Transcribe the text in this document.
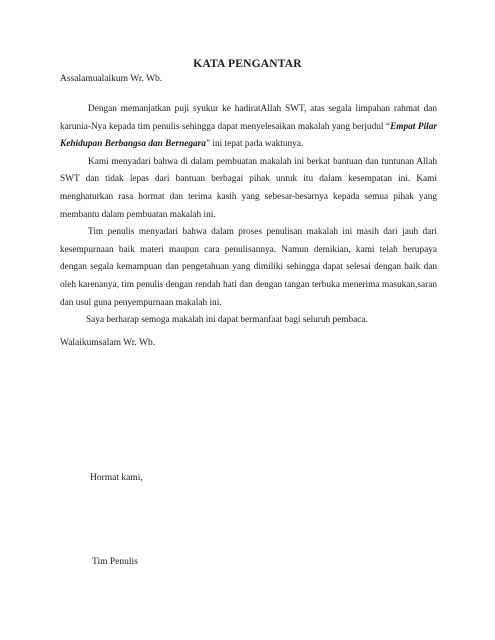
KATA PENGANTAR
Assalamualaikum Wr. Wb.

Dengan memanjatkan puji syukur ke hadiratAllah SWT, atas segala limpahan rahmat dan karunia-Nya kepada tim penulis sehingga dapat menyelesaikan makalah yang berjudul “Empat Pilar Kehidupan Berbangsa dan Bernegara” ini tepat pada waktunya.

Kami menyadari bahwa di dalam pembuatan makalah ini berkat bantuan dan tuntunan Allah SWT dan tidak lepas dari bantuan berbagai pihak untuk itu dalam kesempatan ini. Kami menghaturkan rasa hormat dan terima kasih yang sebesar-besarnya kepada semua pihak yang membantu dalam pembuatan makalah ini.

Tim penulis menyadari bahwa dalam proses penulisan makalah ini masih dari jauh dari kesempurnaan baik materi maupun cara penulisannya. Namun demikian, kami telah berupaya dengan segala kemampuan dan pengetahuan yang dimiliki sehingga dapat selesai dengan baik dan oleh karenanya, tim penulis dengan rendah hati dan dengan tangan terbuka menerima masukan,saran dan usul guna penyempurnaan makalah ini.

Saya berharap semoga makalah ini dapat bermanfaat bagi seluruh pembaca.

Walaikumsalam Wr. Wb.
Hormat kami,
Tim Penulis
